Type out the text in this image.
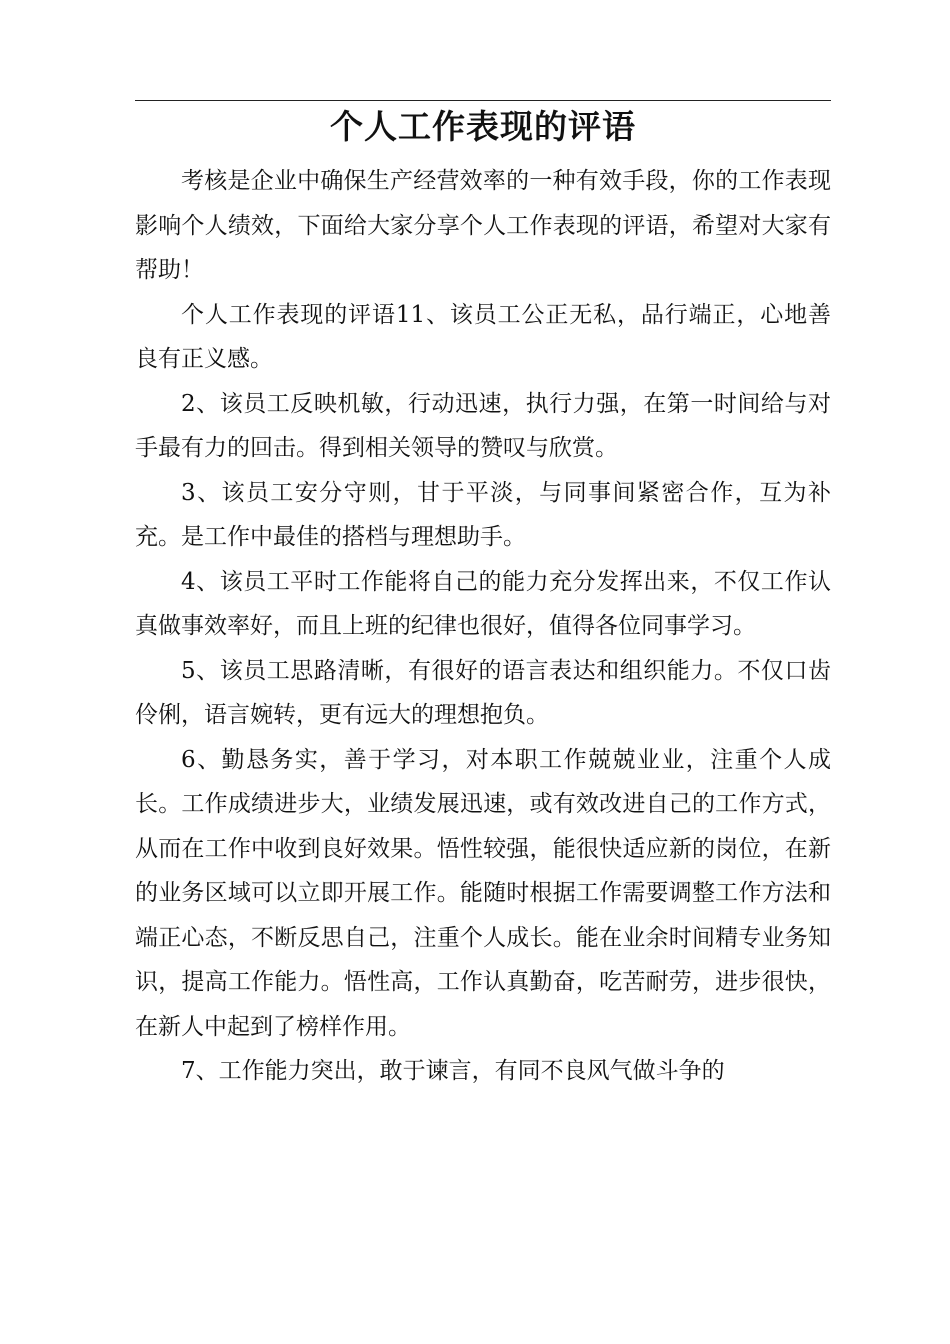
个人工作表现的评语

考核是企业中确保生产经营效率的一种有效手段，你的工作表现影响个人绩效，下面给大家分享个人工作表现的评语，希望对大家有帮助！

个人工作表现的评语11、该员工公正无私，品行端正，心地善良有正义感。

2、该员工反映机敏，行动迅速，执行力强，在第一时间给与对手最有力的回击。得到相关领导的赞叹与欣赏。

3、该员工安分守则，甘于平淡，与同事间紧密合作，互为补充。是工作中最佳的搭档与理想助手。

4、该员工平时工作能将自己的能力充分发挥出来，不仅工作认真做事效率好，而且上班的纪律也很好，值得各位同事学习。

5、该员工思路清晰，有很好的语言表达和组织能力。不仅口齿伶俐，语言婉转，更有远大的理想抱负。

6、勤恳务实，善于学习，对本职工作兢兢业业，注重个人成长。工作成绩进步大，业绩发展迅速，或有效改进自己的工作方式，从而在工作中收到良好效果。悟性较强，能很快适应新的岗位，在新的业务区域可以立即开展工作。能随时根据工作需要调整工作方法和端正心态，不断反思自己，注重个人成长。能在业余时间精专业务知识，提高工作能力。悟性高，工作认真勤奋，吃苦耐劳，进步很快，在新人中起到了榜样作用。

7、工作能力突出，敢于谏言，有同不良风气做斗争的
